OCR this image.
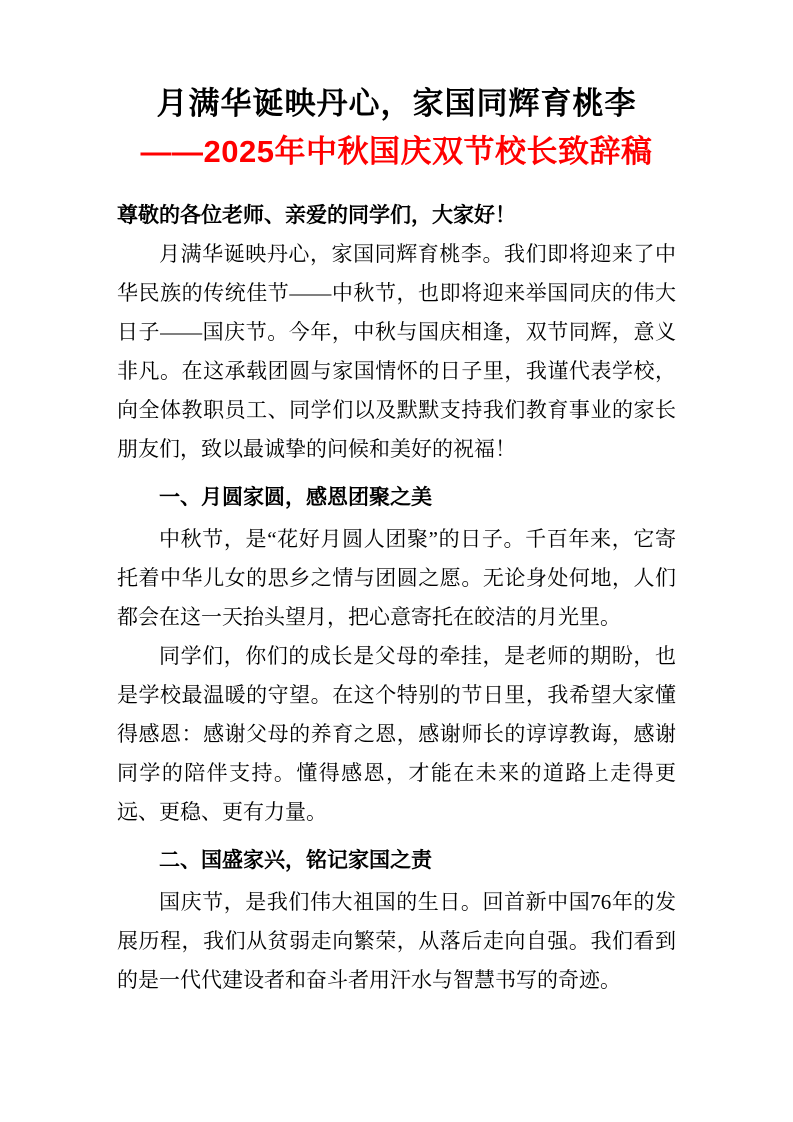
月满华诞映丹心，家国同辉育桃李
——2025年中秋国庆双节校长致辞稿

尊敬的各位老师、亲爱的同学们，大家好！

月满华诞映丹心，家国同辉育桃李。我们即将迎来了中华民族的传统佳节——中秋节，也即将迎来举国同庆的伟大日子——国庆节。今年，中秋与国庆相逢，双节同辉，意义非凡。在这承载团圆与家国情怀的日子里，我谨代表学校，向全体教职员工、同学们以及默默支持我们教育事业的家长朋友们，致以最诚挚的问候和美好的祝福！

一、月圆家圆，感恩团聚之美

中秋节，是“花好月圆人团聚”的日子。千百年来，它寄托着中华儿女的思乡之情与团圆之愿。无论身处何地，人们都会在这一天抬头望月，把心意寄托在皎洁的月光里。

同学们，你们的成长是父母的牵挂，是老师的期盼，也是学校最温暖的守望。在这个特别的节日里，我希望大家懂得感恩：感谢父母的养育之恩，感谢师长的谆谆教诲，感谢同学的陪伴支持。懂得感恩，才能在未来的道路上走得更远、更稳、更有力量。

二、国盛家兴，铭记家国之责

国庆节，是我们伟大祖国的生日。回首新中国76年的发展历程，我们从贫弱走向繁荣，从落后走向自强。我们看到的是一代代建设者和奋斗者用汗水与智慧书写的奇迹。
